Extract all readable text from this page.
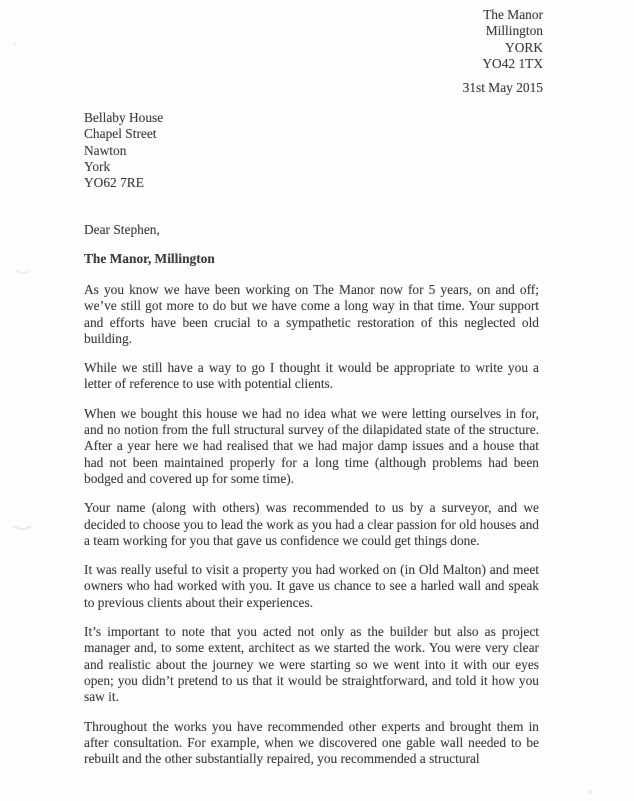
The Manor
Millington
YORK
YO42 1TX
31st May 2015
Bellaby House
Chapel Street
Nawton
York
YO62 7RE
Dear Stephen,
The Manor, Millington

As you know we have been working on The Manor now for 5 years, on and off; we’ve still got more to do but we have come a long way in that time. Your support and efforts have been crucial to a sympathetic restoration of this neglected old building.

While we still have a way to go I thought it would be appropriate to write you a letter of reference to use with potential clients.

When we bought this house we had no idea what we were letting ourselves in for, and no notion from the full structural survey of the dilapidated state of the structure. After a year here we had realised that we had major damp issues and a house that had not been maintained properly for a long time (although problems had been bodged and covered up for some time).

Your name (along with others) was recommended to us by a surveyor, and we decided to choose you to lead the work as you had a clear passion for old houses and a team working for you that gave us confidence we could get things done.

It was really useful to visit a property you had worked on (in Old Malton) and meet owners who had worked with you. It gave us chance to see a harled wall and speak to previous clients about their experiences.

It’s important to note that you acted not only as the builder but also as project manager and, to some extent, architect as we started the work. You were very clear and realistic about the journey we were starting so we went into it with our eyes open; you didn’t pretend to us that it would be straightforward, and told it how you saw it.

Throughout the works you have recommended other experts and brought them in after consultation. For example, when we discovered one gable wall needed to be rebuilt and the other substantially repaired, you recommended a structural
